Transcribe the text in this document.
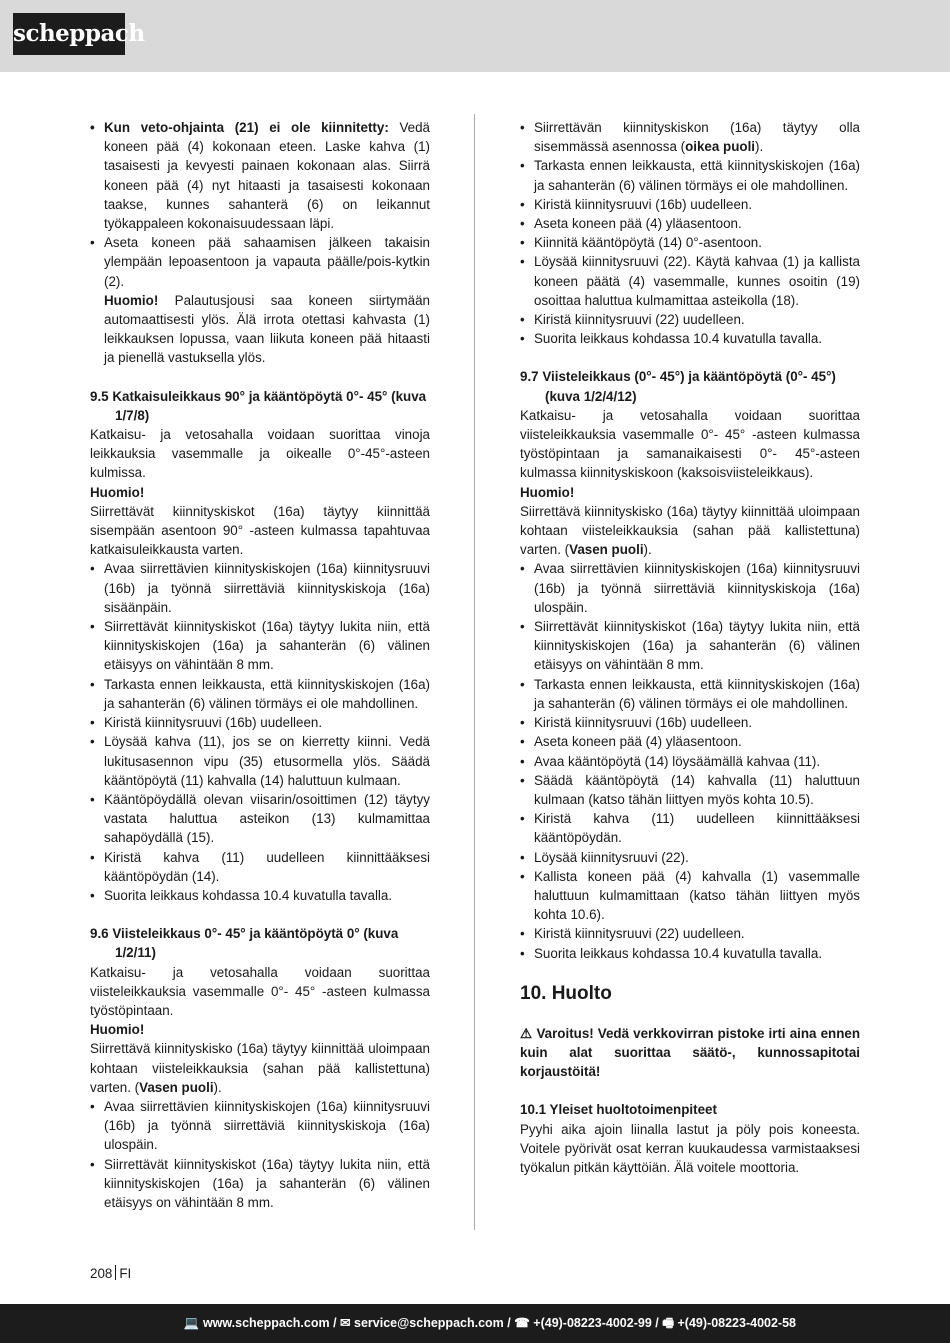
scheppach
• Kun veto-ohjainta (21) ei ole kiinnitetty: Vedä koneen pää (4) kokonaan eteen. Laske kahva (1) tasaisesti ja kevyesti painaen kokonaan alas. Siirrä koneen pää (4) nyt hitaasti ja tasaisesti kokonaan taakse, kunnes sahanterä (6) on leikannut työkappaleen kokonaisuudessaan läpi.
• Aseta koneen pää sahaamisen jälkeen takaisin ylempään lepoasentoon ja vapauta päälle/pois-kytkin (2).
Huomio! Palautusjousi saa koneen siirtymään automaattisesti ylös. Älä irrota otettasi kahvasta (1) leikkauksen lopussa, vaan liikuta koneen pää hitaasti ja pienellä vastuksella ylös.
9.5 Katkaisuleikkaus 90° ja kääntöpöytä 0°- 45° (kuva 1/7/8)
Katkaisu- ja vetosahalla voidaan suorittaa vinoja leikkauksia vasemmalle ja oikealle 0°-45°-asteen kulmissa.
Huomio!
Siirrettävät kiinnityskiskot (16a) täytyy kiinnittää sisempään asentoon 90° -asteen kulmassa tapahtuvaa katkaisuleikkausta varten.
• Avaa siirrettävien kiinnityskiskojen (16a) kiinnitysruuvi (16b) ja työnnä siirrettäviä kiinnityskiskoja (16a) sisäänpäin.
• Siirrettävät kiinnityskiskot (16a) täytyy lukita niin, että kiinnityskiskojen (16a) ja sahanterän (6) välinen etäisyys on vähintään 8 mm.
• Tarkasta ennen leikkausta, että kiinnityskiskojen (16a) ja sahanterän (6) välinen törmäys ei ole mahdollinen.
• Kiristä kiinnitysruuvi (16b) uudelleen.
• Löysää kahva (11), jos se on kierretty kiinni. Vedä lukitusasennon vipu (35) etusormella ylös. Säädä kääntöpöytä (11) kahvalla (14) haluttuun kulmaan.
• Kääntöpöydällä olevan viisarin/osoittimen (12) täytyy vastata haluttua asteikon (13) kulmamittaa sahapöydällä (15).
• Kiristä kahva (11) uudelleen kiinnittääksesi kääntöpöydän (14).
• Suorita leikkaus kohdassa 10.4 kuvatulla tavalla.
9.6 Viisteleikkaus 0°- 45° ja kääntöpöytä 0° (kuva 1/2/11)
Katkaisu- ja vetosahalla voidaan suorittaa viisteleikkauksia vasemmalle 0°- 45° -asteen kulmassa työstöpintaan.
Huomio!
Siirrettävä kiinnityskisko (16a) täytyy kiinnittää uloimpaan kohtaan viisteleikkauksia (sahan pää kallistettuna) varten. (Vasen puoli).
• Avaa siirrettävien kiinnityskiskojen (16a) kiinnitysruuvi (16b) ja työnnä siirrettäviä kiinnityskiskoja (16a) ulospäin.
• Siirrettävät kiinnityskiskot (16a) täytyy lukita niin, että kiinnityskiskojen (16a) ja sahanterän (6) välinen etäisyys on vähintään 8 mm.
• Siirrettävän kiinnityskiskon (16a) täytyy olla sisemmässä asennossa (oikea puoli).
• Tarkasta ennen leikkausta, että kiinnityskiskojen (16a) ja sahanterän (6) välinen törmäys ei ole mahdollinen.
• Kiristä kiinnitysruuvi (16b) uudelleen.
• Aseta koneen pää (4) yläasentoon.
• Kiinnitä kääntöpöytä (14) 0°-asentoon.
• Löysää kiinnitysruuvi (22). Käytä kahvaa (1) ja kallista koneen päätä (4) vasemmalle, kunnes osoitin (19) osoittaa haluttua kulmamittaa asteikolla (18).
• Kiristä kiinnitysruuvi (22) uudelleen.
• Suorita leikkaus kohdassa 10.4 kuvatulla tavalla.
9.7 Viisteleikkaus (0°- 45°) ja kääntöpöytä (0°- 45°) (kuva 1/2/4/12)
Katkaisu- ja vetosahalla voidaan suorittaa viisteleikkauksia vasemmalle 0°- 45° -asteen kulmassa työstöpintaan ja samanaikaisesti 0°- 45°-asteen kulmassa kiinnityskiskoon (kaksoisviisteleikkaus).
Huomio!
Siirrettävä kiinnityskisko (16a) täytyy kiinnittää uloimpaan kohtaan viisteleikkauksia (sahan pää kallistettuna) varten. (Vasen puoli).
• Avaa siirrettävien kiinnityskiskojen (16a) kiinnitysruuvi (16b) ja työnnä siirrettäviä kiinnityskiskoja (16a) ulospäin.
• Siirrettävät kiinnityskiskot (16a) täytyy lukita niin, että kiinnityskiskojen (16a) ja sahanterän (6) välinen etäisyys on vähintään 8 mm.
• Tarkasta ennen leikkausta, että kiinnityskiskojen (16a) ja sahanterän (6) välinen törmäys ei ole mahdollinen.
• Kiristä kiinnitysruuvi (16b) uudelleen.
• Aseta koneen pää (4) yläasentoon.
• Avaa kääntöpöytä (14) löysäämällä kahvaa (11).
• Säädä kääntöpöytä (14) kahvalla (11) haluttuun kulmaan (katso tähän liittyen myös kohta 10.5).
• Kiristä kahva (11) uudelleen kiinnittääksesi kääntöpöydän.
• Löysää kiinnitysruuvi (22).
• Kallista koneen pää (4) kahvalla (1) vasemmalle haluttuun kulmamittaan (katso tähän liittyen myös kohta 10.6).
• Kiristä kiinnitysruuvi (22) uudelleen.
• Suorita leikkaus kohdassa 10.4 kuvatulla tavalla.
10. Huolto
⚠ Varoitus! Vedä verkkovirran pistoke irti aina ennen kuin alat suorittaa säätö-, kunnossapitotai korjaustöitä!
10.1 Yleiset huoltotoimenpiteet
Pyyhi aika ajoin liinalla lastut ja pöly pois koneesta. Voitele pyörivät osat kerran kuukaudessa varmistaaksesi työkalun pitkän käyttöiän. Älä voitele moottoria.
208 FI
💻 www.scheppach.com / ✉ service@scheppach.com / ☎ +(49)-08223-4002-99 / 🖷 +(49)-08223-4002-58
